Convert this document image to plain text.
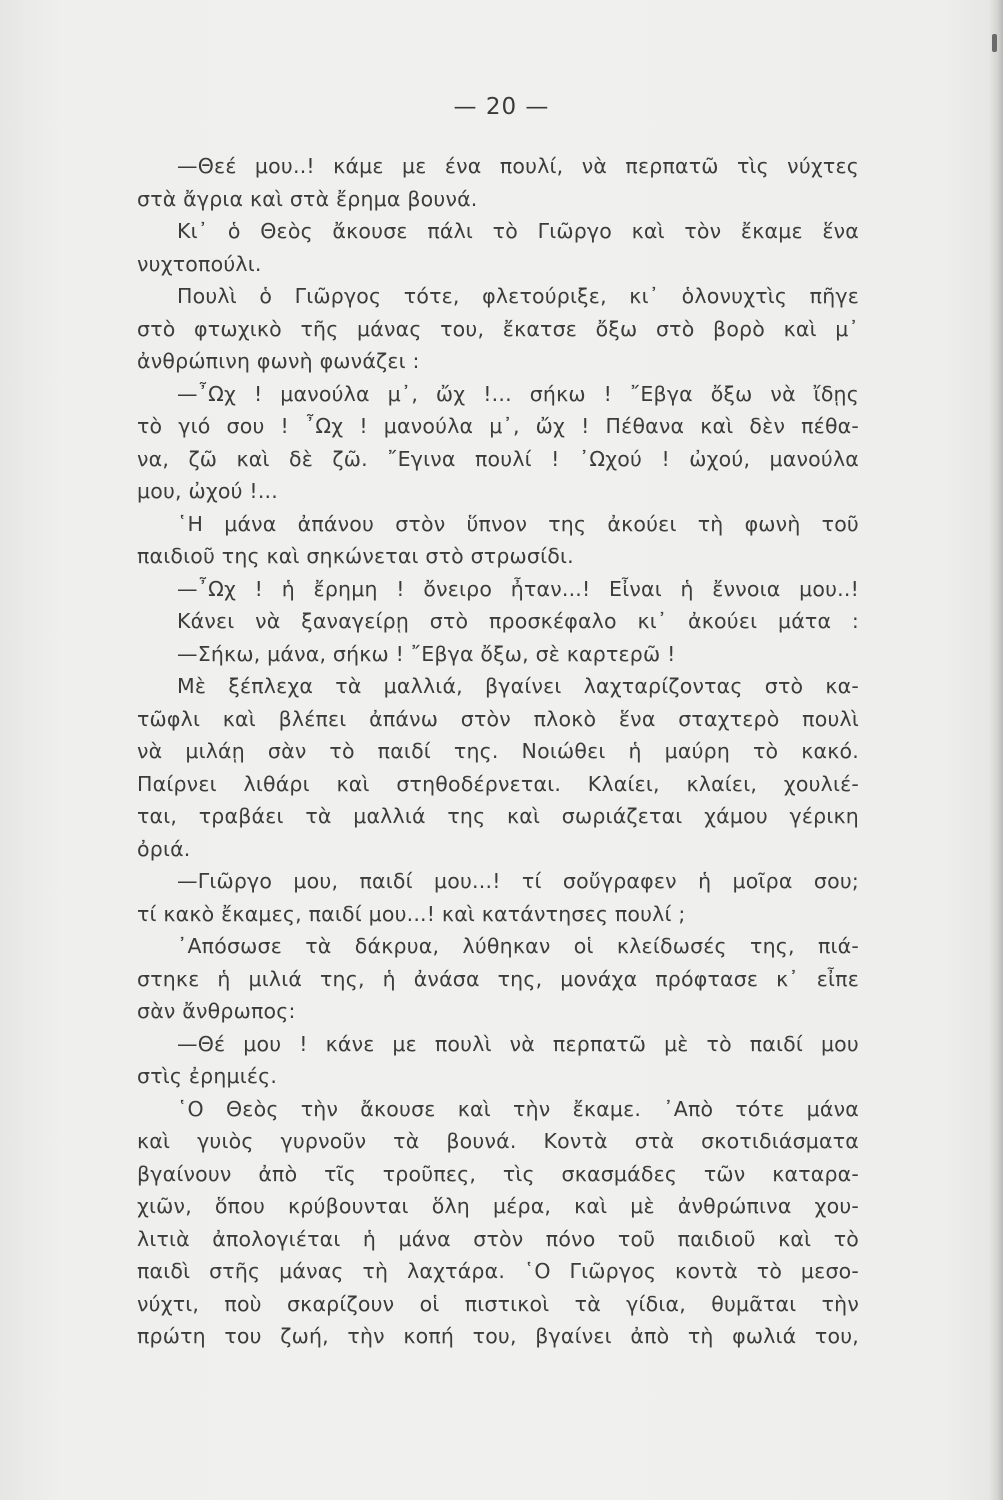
— 20 —
—Θεέ μου..! κάμε με ένα πουλί, νὰ περπατῶ τὶς νύχτες
στὰ ἄγρια καὶ στὰ ἔρημα βουνά.
Κι᾽ ὁ Θεὸς ἄκουσε πάλι τὸ Γιῶργο καὶ τὸν ἔκαμε ἕνα
νυχτοπούλι.
Πουλὶ ὁ Γιῶργος τότε, φλετούριξε, κι᾽ ὁλονυχτὶς πῆγε
στὸ φτωχικὸ τῆς μάνας του, ἔκατσε ὄξω στὸ βορὸ καὶ μ᾽
ἀνθρώπινη φωνὴ φωνάζει :
—῏Ωχ ! μανούλα μ᾽, ὤχ !... σήκω ! ῎Εβγα ὄξω νὰ ἴδῃς
τὸ γιό σου ! ῏Ωχ ! μανούλα μ᾽, ὤχ ! Πέθανα καὶ δὲν πέθα-
να, ζῶ καὶ δὲ ζῶ. ῎Εγινα πουλί ! ᾽Ωχού ! ὠχού, μανούλα
μου, ὠχού !...
῾Η μάνα ἀπάνου στὸν ὕπνον της ἀκούει τὴ φωνὴ τοῦ
παιδιοῦ της καὶ σηκώνεται στὸ στρωσίδι.
—῏Ωχ ! ἡ ἔρημη ! ὄνειρο ἦταν...! Εἶναι ἡ ἔννοια μου..!
Κάνει νὰ ξαναγείρῃ στὸ προσκέφαλο κι᾽ ἀκούει μάτα :
—Σήκω, μάνα, σήκω ! ῎Εβγα ὄξω, σὲ καρτερῶ !
Μὲ ξέπλεχα τὰ μαλλιά, βγαίνει λαχταρίζοντας στὸ κα-
τῶφλι καὶ βλέπει ἀπάνω στὸν πλοκὸ ἕνα σταχτερὸ πουλὶ
νὰ μιλάῃ σὰν τὸ παιδί της. Νοιώθει ἡ μαύρη τὸ κακό.
Παίρνει λιθάρι καὶ στηθοδέρνεται. Κλαίει, κλαίει, χουλιέ-
ται, τραβάει τὰ μαλλιά της καὶ σωριάζεται χάμου γέρικη
ὀριά.
—Γιῶργο μου, παιδί μου...! τί σοὔγραφεν ἡ μοῖρα σου;
τί κακὸ ἔκαμες, παιδί μου...! καὶ κατάντησες πουλί ;
᾽Απόσωσε τὰ δάκρυα, λύθηκαν οἱ κλείδωσές της, πιά-
στηκε ἡ μιλιά της, ἡ ἀνάσα της, μονάχα πρόφτασε κ᾽ εἶπε
σὰν ἄνθρωπος:
—Θέ μου ! κάνε με πουλὶ νὰ περπατῶ μὲ τὸ παιδί μου
στὶς ἐρημιές.
῾Ο Θεὸς τὴν ἄκουσε καὶ τὴν ἔκαμε. ᾽Απὸ τότε μάνα
καὶ γυιὸς γυρνοῦν τὰ βουνά. Κοντὰ στὰ σκοτιδιάσματα
βγαίνουν ἀπὸ τῖς τροῦπες, τὶς σκασμάδες τῶν καταρα-
χιῶν, ὅπου κρύβουνται ὅλη μέρα, καὶ μὲ ἀνθρώπινα χου-
λιτιὰ ἀπολογιέται ἡ μάνα στὸν πόνο τοῦ παιδιοῦ καὶ τὸ
παιδὶ στῆς μάνας τὴ λαχτάρα. ῾Ο Γιῶργος κοντὰ τὸ μεσο-
νύχτι, ποὺ σκαρίζουν οἱ πιστικοὶ τὰ γίδια, θυμᾶται τὴν
πρώτη του ζωή, τὴν κοπή του, βγαίνει ἀπὸ τὴ φωλιά του,
